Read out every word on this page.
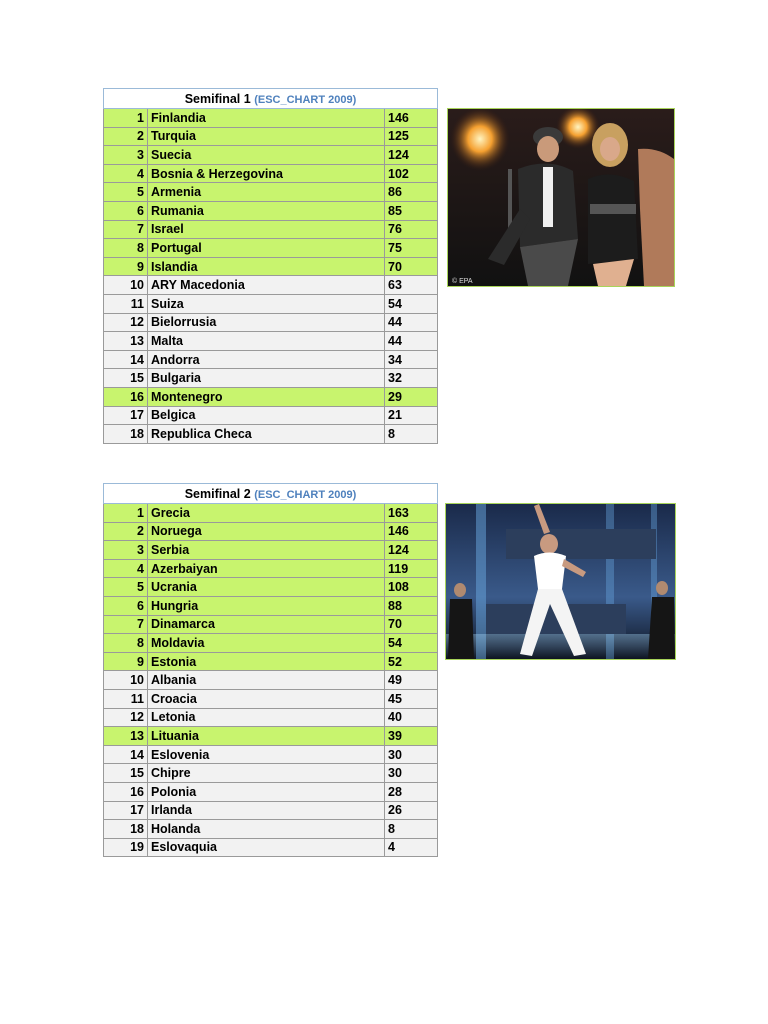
Semifinal 1 (ESC_CHART 2009)		
1	Finlandia	146
2	Turquia	125
3	Suecia	124
4	Bosnia & Herzegovina	102
5	Armenia	86
6	Rumania	85
7	Israel	76
8	Portugal	75
9	Islandia	70
10	ARY Macedonia	63
11	Suiza	54
12	Bielorrusia	44
13	Malta	44
14	Andorra	34
15	Bulgaria	32
16	Montenegro	29
17	Belgica	21
18	Republica Checa	8
© EPA
Semifinal 2 (ESC_CHART 2009)		
1	Grecia	163
2	Noruega	146
3	Serbia	124
4	Azerbaiyan	119
5	Ucrania	108
6	Hungria	88
7	Dinamarca	70
8	Moldavia	54
9	Estonia	52
10	Albania	49
11	Croacia	45
12	Letonia	40
13	Lituania	39
14	Eslovenia	30
15	Chipre	30
16	Polonia	28
17	Irlanda	26
18	Holanda	8
19	Eslovaquia	4
